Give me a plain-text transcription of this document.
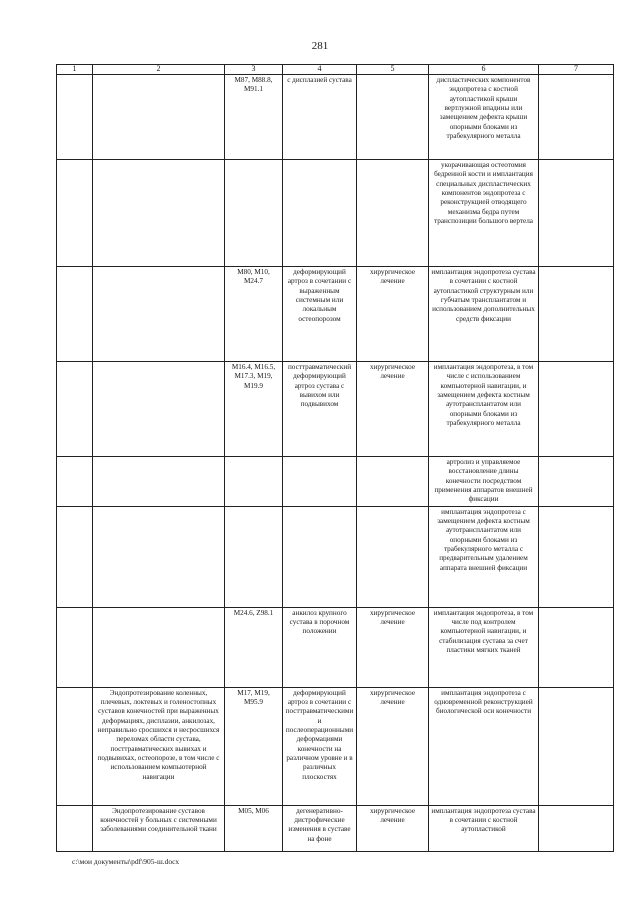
281
1	2	3	4	5	6	7
		M87, M88.8, M91.1	с дисплазией сустава		диспластических компонентов эндопротеза с костной аутопластикой крыши вертлужной впадины или замещением дефекта крыши опорными блоками из трабекулярного металла	
					укорачивающая остеотомия бедренной кости и имплантация специальных диспластических компонентов эндопротеза с реконструкцией отводящего механизма бедра путем транспозиции большого вертела	
		M80, M10, M24.7	деформирующий артроз в сочетании с выраженным системным или локальным остеопорозом	хирургическое лечение	имплантация эндопротеза сустава в сочетании с костной аутопластикой структурным или губчатым трансплантатом и использованием дополнительных средств фиксации	
		M16.4, M16.5, M17.3, M19, M19.9	посттравматический деформирующий артроз сустава с вывихом или подвывихом	хирургическое лечение	имплантация эндопротеза, в том числе с использованием компьютерной навигации, и замещением дефекта костным аутотрансплантатом или опорными блоками из трабекулярного металла	
					артролиз и управляемое восстановление длины конечности посредством применения аппаратов внешней фиксации	
					имплантация эндопротеза с замещением дефекта костным аутотрансплантатом или опорными блоками из трабекулярного металла с предварительным удалением аппарата внешней фиксации	
		M24.6, Z98.1	анкилоз крупного сустава в порочном положении	хирургическое лечение	имплантация эндопротеза, в том числе под контролем компьютерной навигации, и стабилизация сустава за счет пластики мягких тканей	
	Эндопротезирование коленных, плечевых, локтевых и голеностопных суставов конечностей при выраженных деформациях, дисплазии, анкилозах, неправильно сросшихся и несросшихся переломах области сустава, посттравматических вывихах и подвывихах, остеопорозе, в том числе с использованием компьютерной навигации	M17, M19, M95.9	деформирующий артроз в сочетании с посттравматическими и послеоперационными деформациями конечности на различном уровне и в различных плоскостях	хирургическое лечение	имплантация эндопротеза с одновременной реконструкцией биологической оси конечности	
	Эндопротезирование суставов конечностей у больных с системными заболеваниями соединительной ткани	M05, M06	дегенеративно-дистрофические изменения в суставе на фоне	хирургическое лечение	имплантация эндопротеза сустава в сочетании с костной аутопластикой	
c:\мои документы\pdf\905-ш.docx
